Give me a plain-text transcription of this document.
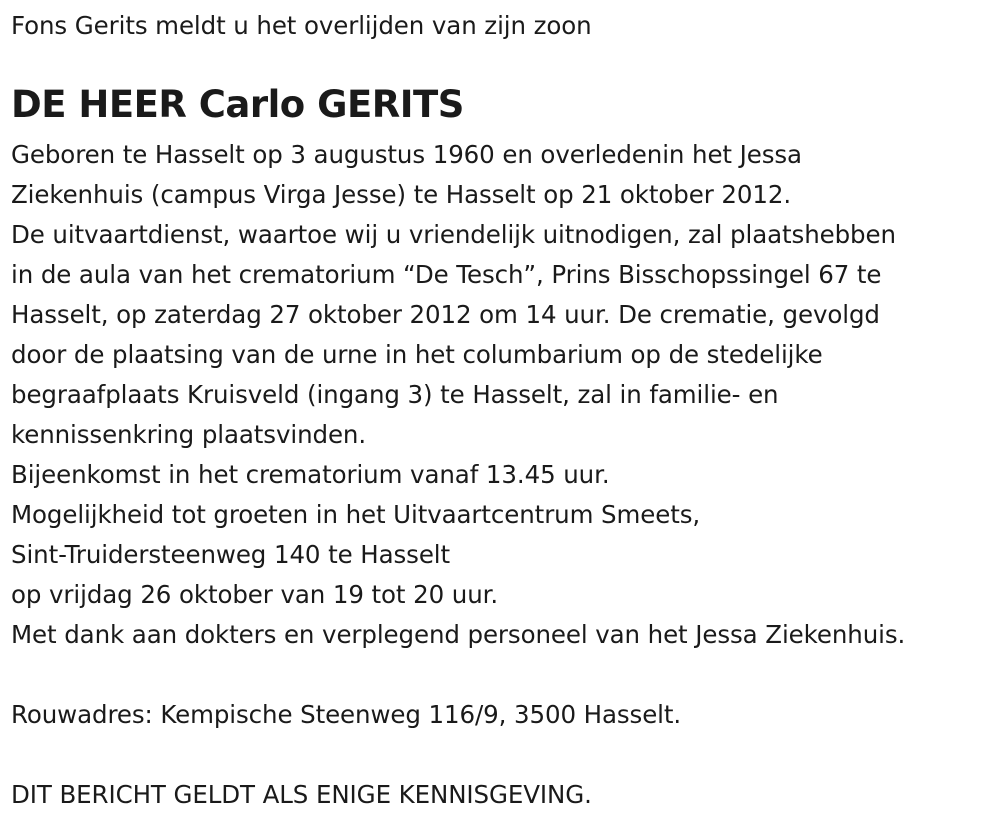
Fons Gerits meldt u het overlijden van zijn zoon
DE HEER Carlo GERITS
Geboren te Hasselt op 3 augustus 1960 en overledenin het Jessa
Ziekenhuis (campus Virga Jesse) te Hasselt op 21 oktober 2012.
De uitvaartdienst, waartoe wij u vriendelijk uitnodigen, zal plaatshebben
in de aula van het crematorium “De Tesch”, Prins Bisschopssingel 67 te
Hasselt, op zaterdag 27 oktober 2012 om 14 uur. De crematie, gevolgd
door de plaatsing van de urne in het columbarium op de stedelijke
begraafplaats Kruisveld (ingang 3) te Hasselt, zal in familie- en
kennissenkring plaatsvinden.
Bijeenkomst in het crematorium vanaf 13.45 uur.
Mogelijkheid tot groeten in het Uitvaartcentrum Smeets,
Sint-Truidersteenweg 140 te Hasselt
op vrijdag 26 oktober van 19 tot 20 uur.
Met dank aan dokters en verplegend personeel van het Jessa Ziekenhuis.
Rouwadres: Kempische Steenweg 116/9, 3500 Hasselt.
DIT BERICHT GELDT ALS ENIGE KENNISGEVING.
